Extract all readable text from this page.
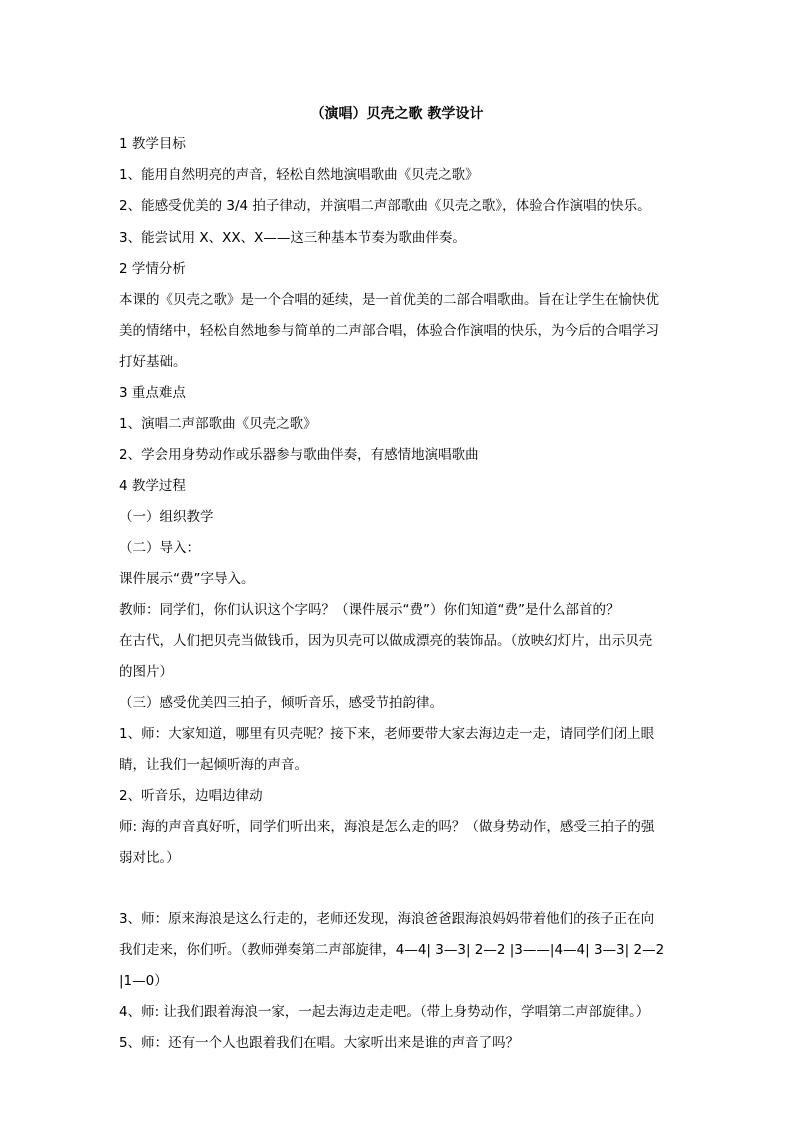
（演唱）贝壳之歌 教学设计
1 教学目标
1、能用自然明亮的声音，轻松自然地演唱歌曲《贝壳之歌》
2、能感受优美的 3/4 拍子律动，并演唱二声部歌曲《贝壳之歌》，体验合作演唱的快乐。
3、能尝试用 X、XX、X——这三种基本节奏为歌曲伴奏。
2 学情分析
本课的《贝壳之歌》是一个合唱的延续，是一首优美的二部合唱歌曲。旨在让学生在愉快优
美的情绪中，轻松自然地参与简单的二声部合唱，体验合作演唱的快乐，为今后的合唱学习
打好基础。
3 重点难点
1、演唱二声部歌曲《贝壳之歌》
2、学会用身势动作或乐器参与歌曲伴奏，有感情地演唱歌曲
4 教学过程
（一）组织教学
（二）导入：
课件展示“费”字导入。
教师：同学们，你们认识这个字吗？（课件展示“费”）你们知道“费”是什么部首的？
在古代，人们把贝壳当做钱币，因为贝壳可以做成漂亮的装饰品。（放映幻灯片，出示贝壳
的图片）
（三）感受优美四三拍子，倾听音乐，感受节拍韵律。
1、师：大家知道，哪里有贝壳呢？接下来，老师要带大家去海边走一走，请同学们闭上眼
睛，让我们一起倾听海的声音。
2、听音乐，边唱边律动
师: 海的声音真好听，同学们听出来，海浪是怎么走的吗？（做身势动作，感受三拍子的强
弱对比。）
3、师：原来海浪是这么行走的，老师还发现，海浪爸爸跟海浪妈妈带着他们的孩子正在向
我们走来，你们听。（教师弹奏第二声部旋律，4—4| 3—3| 2—2 |3——|4—4| 3—3| 2—2
|1—0）
4、师: 让我们跟着海浪一家，一起去海边走走吧。（带上身势动作，学唱第二声部旋律。）
5、师：还有一个人也跟着我们在唱。大家听出来是谁的声音了吗？
